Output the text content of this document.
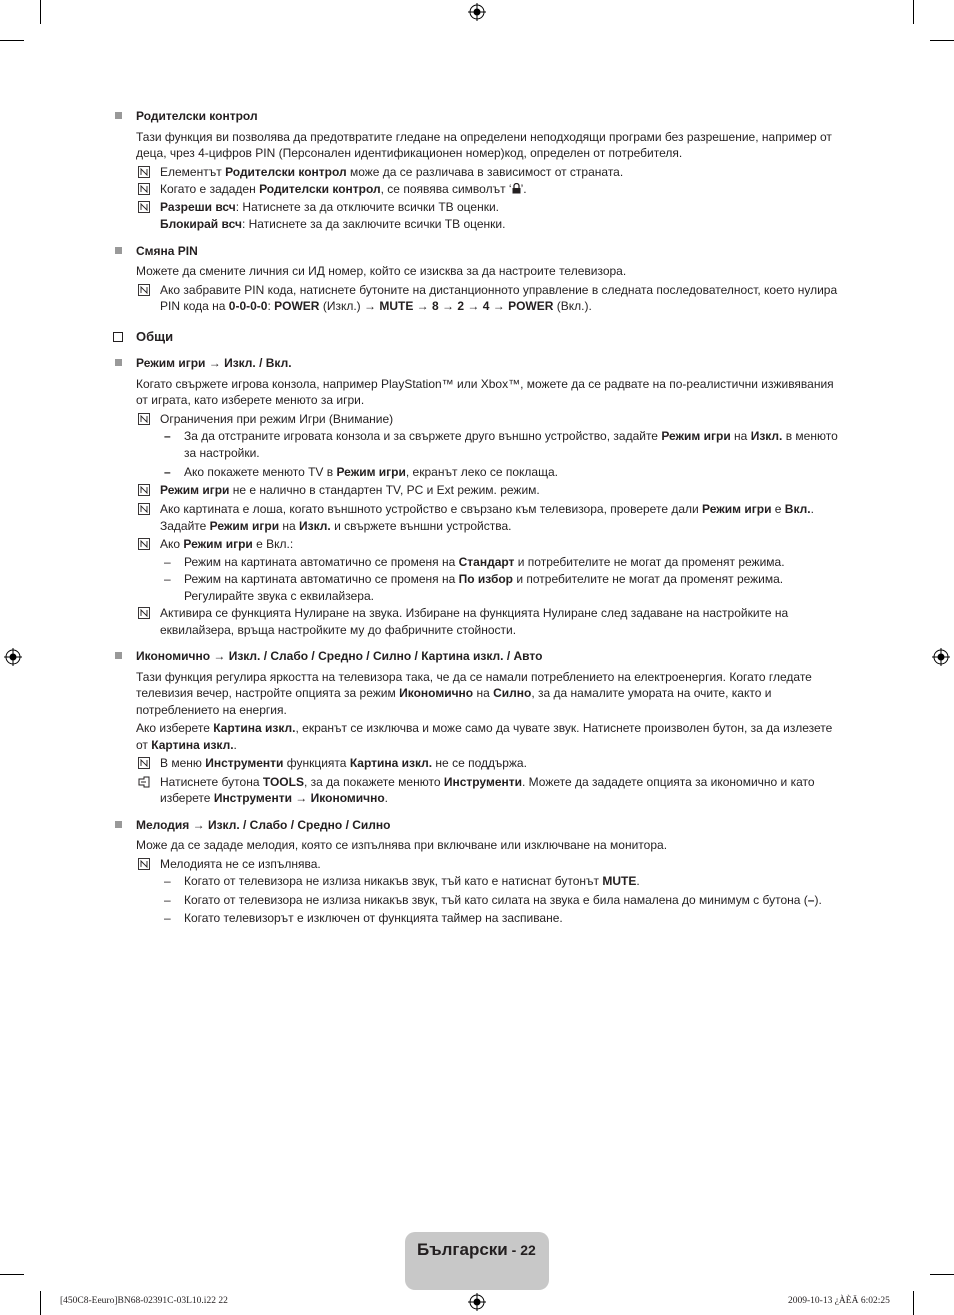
Родителски контрол
Тази функция ви позволява да предотвратите гледане на определени неподходящи програми без разрешение, например от деца, чрез 4-цифров PIN (Персонален идентификационен номер)код, определен от потребителя.
Елементът Родителски контрол може да се различава в зависимост от страната.
Когато е зададен Родителски контрол, се появява символът ‘ ’.
Разреши всч: Натиснете за да отключите всички ТВ оценки.
Блокирай всч: Натиснете за да заключите всички ТВ оценки.
Смяна PIN
Можете да смените личния си ИД номер, който се изисква за да настроите телевизора.
Ако забравите PIN кода, натиснете бутоните на дистанционното управление в следната последователност, което нулира PIN кода на 0-0-0-0: POWER (Изкл.) → MUTE → 8 → 2 → 4 → POWER (Вкл.).
Общи
Режим игри → Изкл. / Вкл.
Когато свържете игрова конзола, например PlayStation™ или Xbox™, можете да се радвате на по-реалистични изживявания от играта, като изберете менюто за игри.
Ограничения при режим Игри (Внимание)
– За да отстраните игровата конзола и за свържете друго външно устройство, задайте Режим игри на Изкл. в менюто за настройки.
– Ако покажете менюто TV в Режим игри, екранът леко се поклаща.
Режим игри не е налично в стандартен TV, PC и Ext режим. режим.
Ако картината е лоша, когато външното устройство е свързано към телевизора, проверете дали Режим игри е Вкл.. Задайте Режим игри на Изкл. и свържете външни устройства.
Ако Режим игри е Вкл.:
– Режим на картината автоматично се променя на Стандарт и потребителите не могат да променят режима.
– Режим на картината автоматично се променя на По избор и потребителите не могат да променят режима. Регулирайте звука с еквилайзера.
Активира се функцията Нулиране на звука. Избиране на функцията Нулиране след задаване на настройките на еквилайзера, връща настройките му до фабричните стойности.
Икономично → Изкл. / Слабо / Средно / Силно / Картина изкл. / Авто
Тази функция регулира яркостта на телевизора така, че да се намали потреблението на електроенергия. Когато гледате телевизия вечер, настройте опцията за режим Икономично на Силно, за да намалите умората на очите, както и потреблението на енергия.
Ако изберете Картина изкл., екранът се изключва и може само да чувате звук. Натиснете произволен бутон, за да излезете от Картина изкл..
В меню Инструменти функцията Картина изкл. не се поддържа.
Натиснете бутона TOOLS, за да покажете менюто Инструменти. Можете да зададете опцията за икономично и като изберете Инструменти → Икономично.
Мелодия → Изкл. / Слабо / Средно / Силно
Може да се зададе мелодия, която се изпълнява при включване или изключване на монитора.
Мелодията не се изпълнява.
– Когато от телевизора не излиза никакъв звук, тъй като е натиснат бутонът MUTE.
– Когато от телевизора не излиза никакъв звук, тъй като силата на звука е била намалена до минимум с бутона (–).
– Когато телевизорът е изключен от функцията таймер на заспиване.
Български - 22
[450C8-Eeuro]BN68-02391C-03L10.i22 22	2009-10-13 ¿ÀÈÄ 6:02:25
